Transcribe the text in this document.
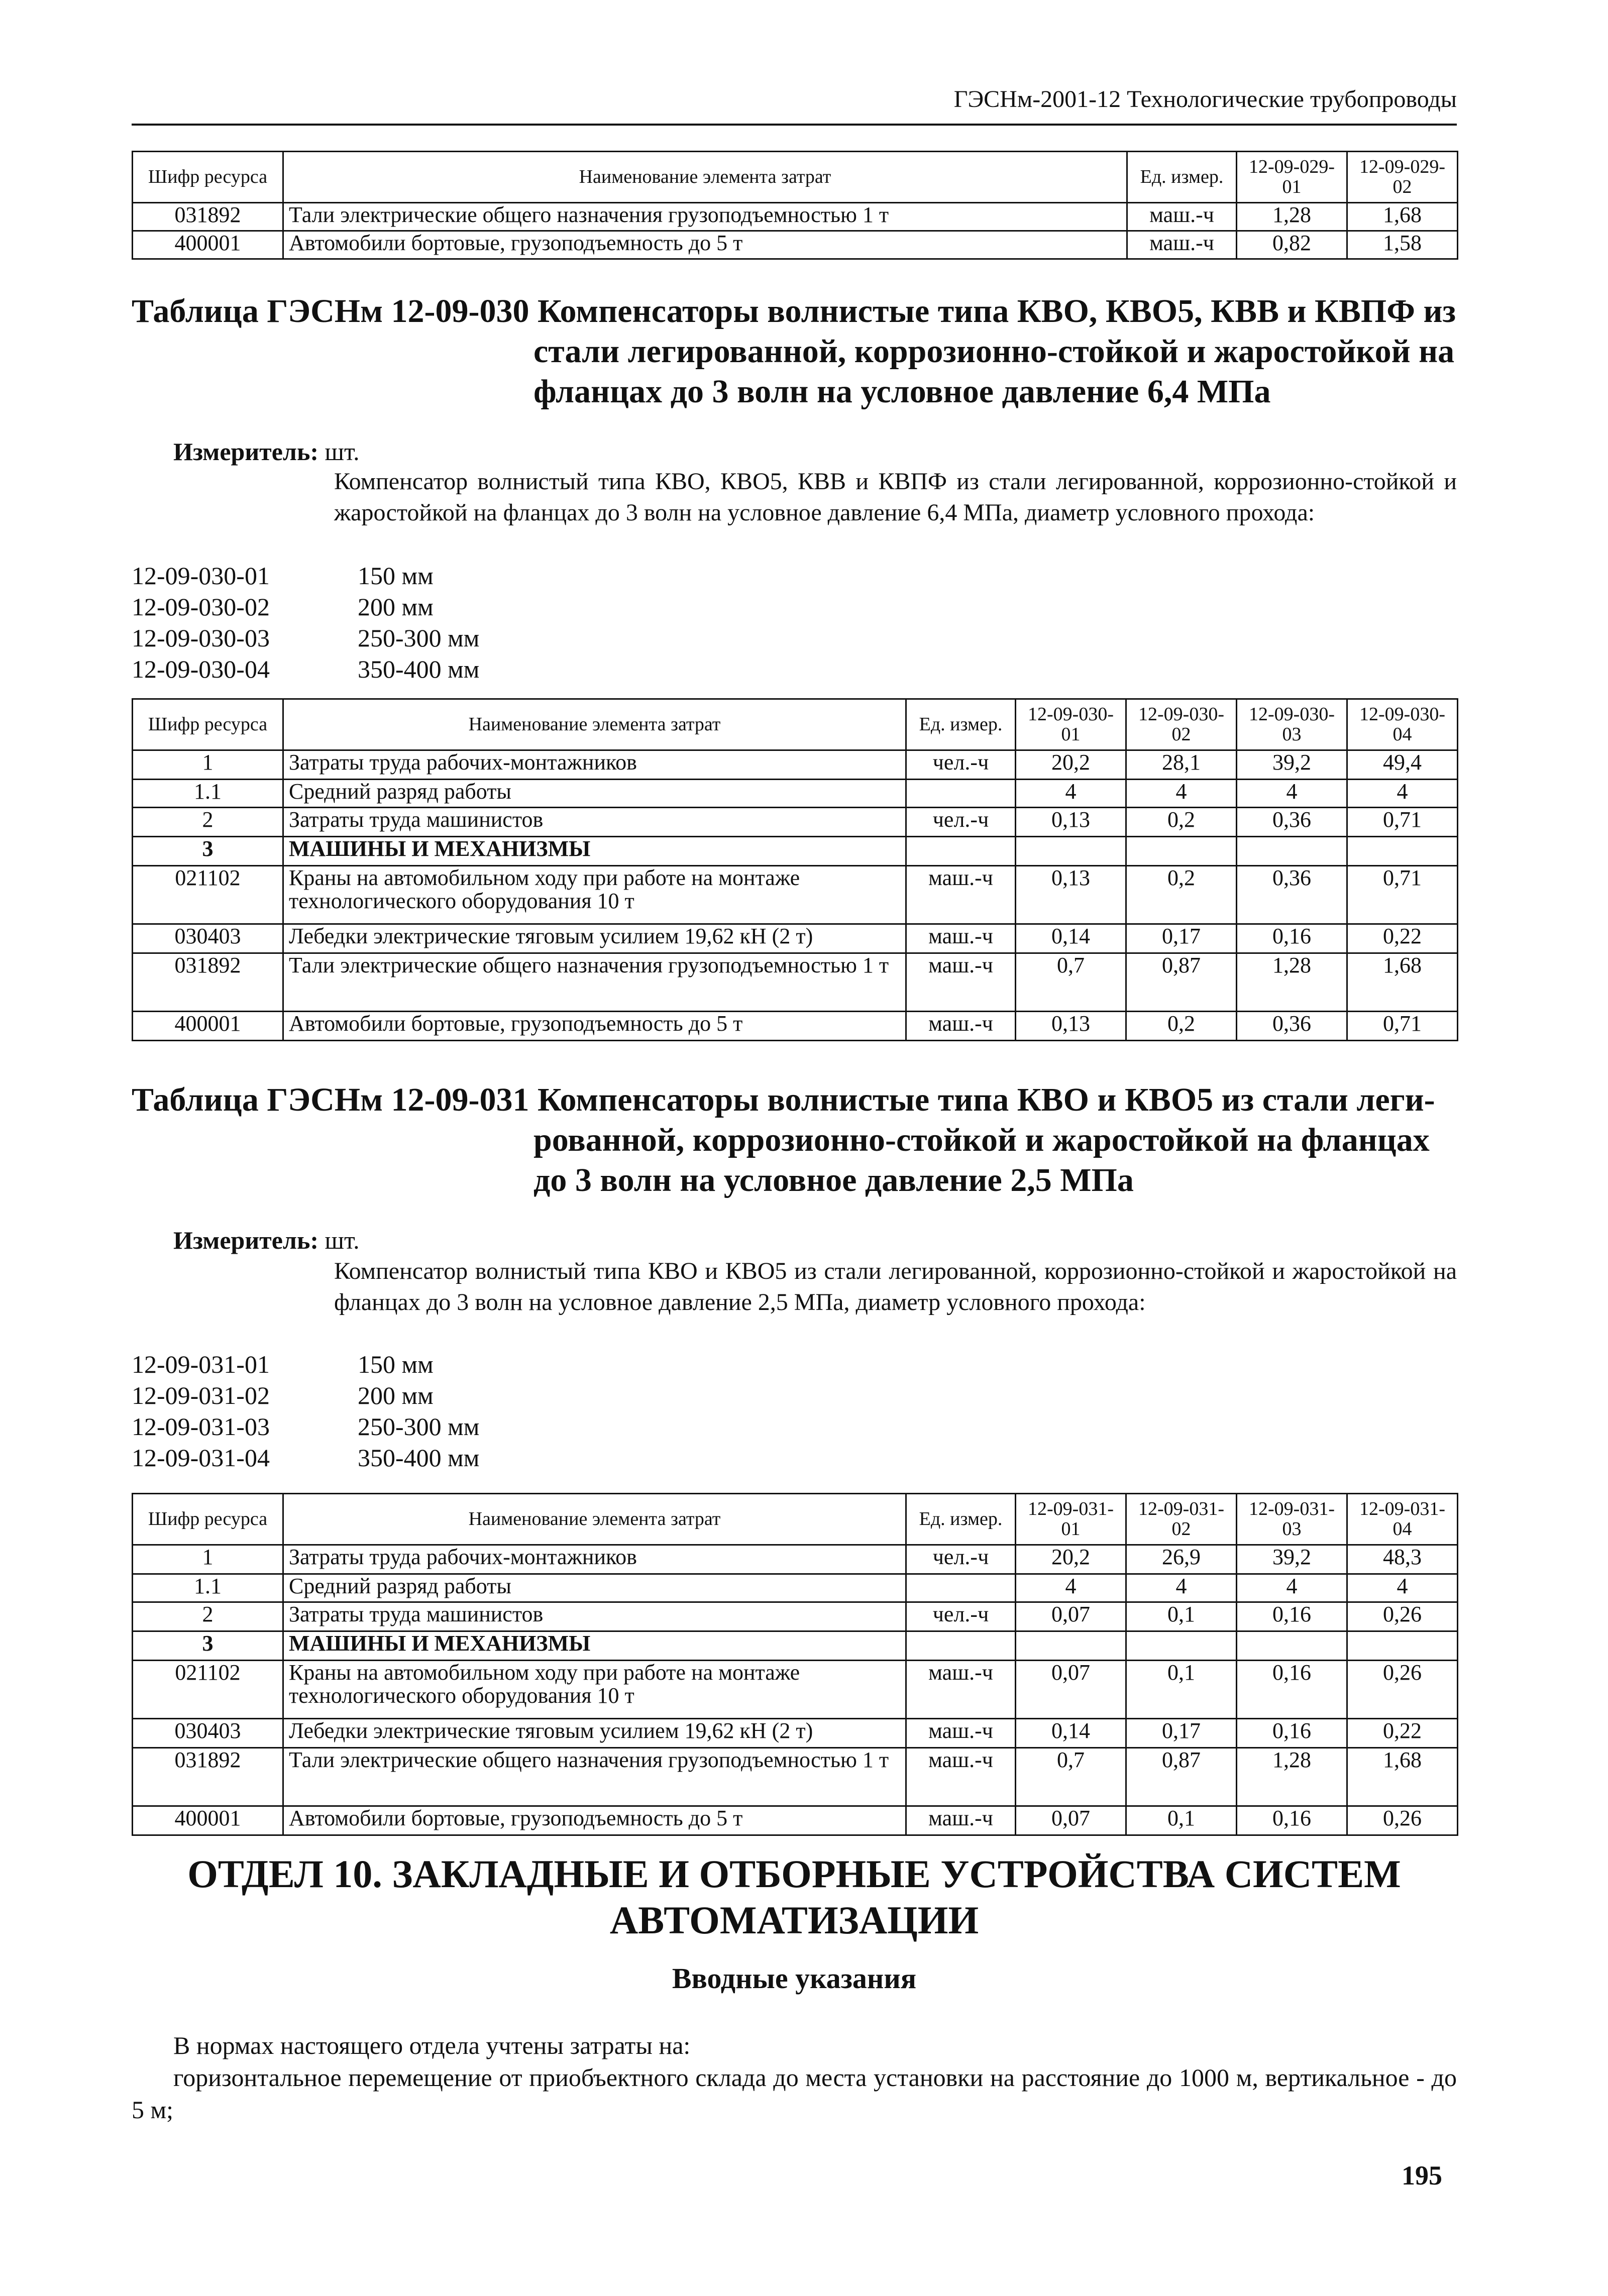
ГЭСНм-2001-12 Технологические трубопроводы
Шифр ресурса	Наименование элемента затрат	Ед. измер.	12-09-029-01	12-09-029-02
031892	Тали электрические общего назначения грузоподъемностью 1 т	маш.-ч	1,28	1,68
400001	Автомобили бортовые, грузоподъемность до 5 т	маш.-ч	0,82	1,58
Таблица ГЭСНм 12-09-030 Компенсаторы волнистые типа КВО, КВО5, КВВ и КВПФ из
стали легированной, коррозионно-стойкой и жаростойкой на
фланцах до 3 волн на условное давление 6,4 МПа
Измеритель: шт.
Компенсатор волнистый типа КВО, КВО5, КВВ и КВПФ из стали легированной, коррозионно-стойкой и жаростойкой на фланцах до 3 волн на условное давление 6,4 МПа, диаметр условного прохода:
12-09-030-01	150 мм
12-09-030-02	200 мм
12-09-030-03	250-300 мм
12-09-030-04	350-400 мм
Шифр ресурса	Наименование элемента затрат	Ед. измер.	12-09-030-01	12-09-030-02	12-09-030-03	12-09-030-04
1	Затраты труда рабочих-монтажников	чел.-ч	20,2	28,1	39,2	49,4
1.1	Средний разряд работы		4	4	4	4
2	Затраты труда машинистов	чел.-ч	0,13	0,2	0,36	0,71
3	МАШИНЫ И МЕХАНИЗМЫ					
021102	Краны на автомобильном ходу при работе на монтаже технологического оборудования 10 т	маш.-ч	0,13	0,2	0,36	0,71
030403	Лебедки электрические тяговым усилием 19,62 кН (2 т)	маш.-ч	0,14	0,17	0,16	0,22
031892	Тали электрические общего назначения грузоподъемностью 1 т	маш.-ч	0,7	0,87	1,28	1,68
400001	Автомобили бортовые, грузоподъемность до 5 т	маш.-ч	0,13	0,2	0,36	0,71
Таблица ГЭСНм 12-09-031 Компенсаторы волнистые типа КВО и КВО5 из стали леги-
рованной, коррозионно-стойкой и жаростойкой на фланцах
до 3 волн на условное давление 2,5 МПа
Измеритель: шт.
Компенсатор волнистый типа КВО и КВО5 из стали легированной, коррозионно-стойкой и жаростойкой на фланцах до 3 волн на условное давление 2,5 МПа, диаметр условного прохода:
12-09-031-01	150 мм
12-09-031-02	200 мм
12-09-031-03	250-300 мм
12-09-031-04	350-400 мм
Шифр ресурса	Наименование элемента затрат	Ед. измер.	12-09-031-01	12-09-031-02	12-09-031-03	12-09-031-04
1	Затраты труда рабочих-монтажников	чел.-ч	20,2	26,9	39,2	48,3
1.1	Средний разряд работы		4	4	4	4
2	Затраты труда машинистов	чел.-ч	0,07	0,1	0,16	0,26
3	МАШИНЫ И МЕХАНИЗМЫ					
021102	Краны на автомобильном ходу при работе на монтаже технологического оборудования 10 т	маш.-ч	0,07	0,1	0,16	0,26
030403	Лебедки электрические тяговым усилием 19,62 кН (2 т)	маш.-ч	0,14	0,17	0,16	0,22
031892	Тали электрические общего назначения грузоподъемностью 1 т	маш.-ч	0,7	0,87	1,28	1,68
400001	Автомобили бортовые, грузоподъемность до 5 т	маш.-ч	0,07	0,1	0,16	0,26
ОТДЕЛ 10. ЗАКЛАДНЫЕ И ОТБОРНЫЕ УСТРОЙСТВА СИСТЕМ
АВТОМАТИЗАЦИИ
Вводные указания
В нормах настоящего отдела учтены затраты на:
горизонтальное перемещение от приобъектного склада до места установки на расстояние до 1000 м, вертикальное - до 5 м;
195
